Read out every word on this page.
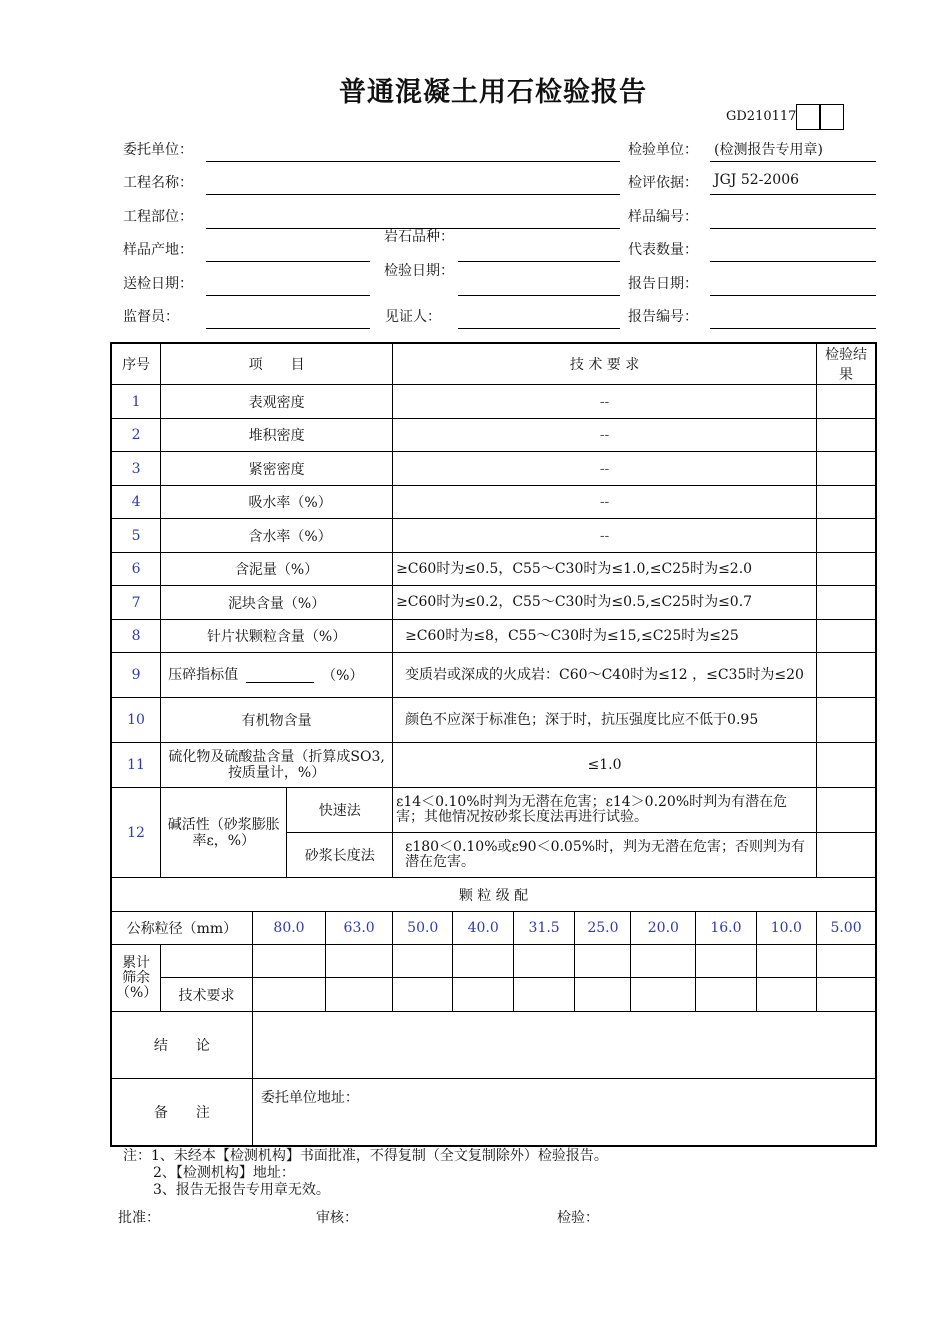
普通混凝土用石检验报告
GD210117
委托单位：
工程名称：
工程部位：
样品产地：
送检日期：
监督员：
岩石品种：
检验日期：
见证人：
检验单位： (检测报告专用章)
检评依据： JGJ 52-2006
样品编号：
代表数量：
报告日期：
报告编号：
序号	项　　目				技 术 要 求							检验结果
1	表观密度				--							
2	堆积密度				--							
3	紧密密度				--							
4	吸水率（%）				--							
5	含水率（%）				--							
6	含泥量（%）				≥C60时为≤0.5，C55～C30时为≤1.0,≤C25时为≤2.0							
7	泥块含量（%）				≥C60时为≤0.2，C55～C30时为≤0.5,≤C25时为≤0.7							
8	针片状颗粒含量（%）				≥C60时为≤8，C55～C30时为≤15,≤C25时为≤25							
9	压碎指标值 （%）				变质岩或深成的火成岩：C60～C40时为≤12 ，≤C35时为≤20							
10	有机物含量				颜色不应深于标准色；深于时，抗压强度比应不低于0.95							
11	硫化物及硫酸盐含量（折算成SO3,按质量计，%）				≤1.0							
12	碱活性（砂浆膨胀率ε，%）		快速法		ε14＜0.10%时判为无潜在危害；ε14＞0.20%时判为有潜在危害；其他情况按砂浆长度法再进行试验。							
			砂浆长度法		ε180＜0.10%或ε90＜0.05%时，判为无潜在危害；否则判为有潜在危害。							
颗 粒 级 配												
公称粒径（mm）		80.0		63.0	50.0	40.0	31.5	25.0	20.0	16.0	10.0	5.00
累计筛余（%）												
	技术要求											
结　　论												
备　　注		委托单位地址：										
注：1、未经本【检测机构】书面批准，不得复制（全文复制除外）检验报告。
2、【检测机构】地址：
3、报告无报告专用章无效。
批准：	审核：	检验：
